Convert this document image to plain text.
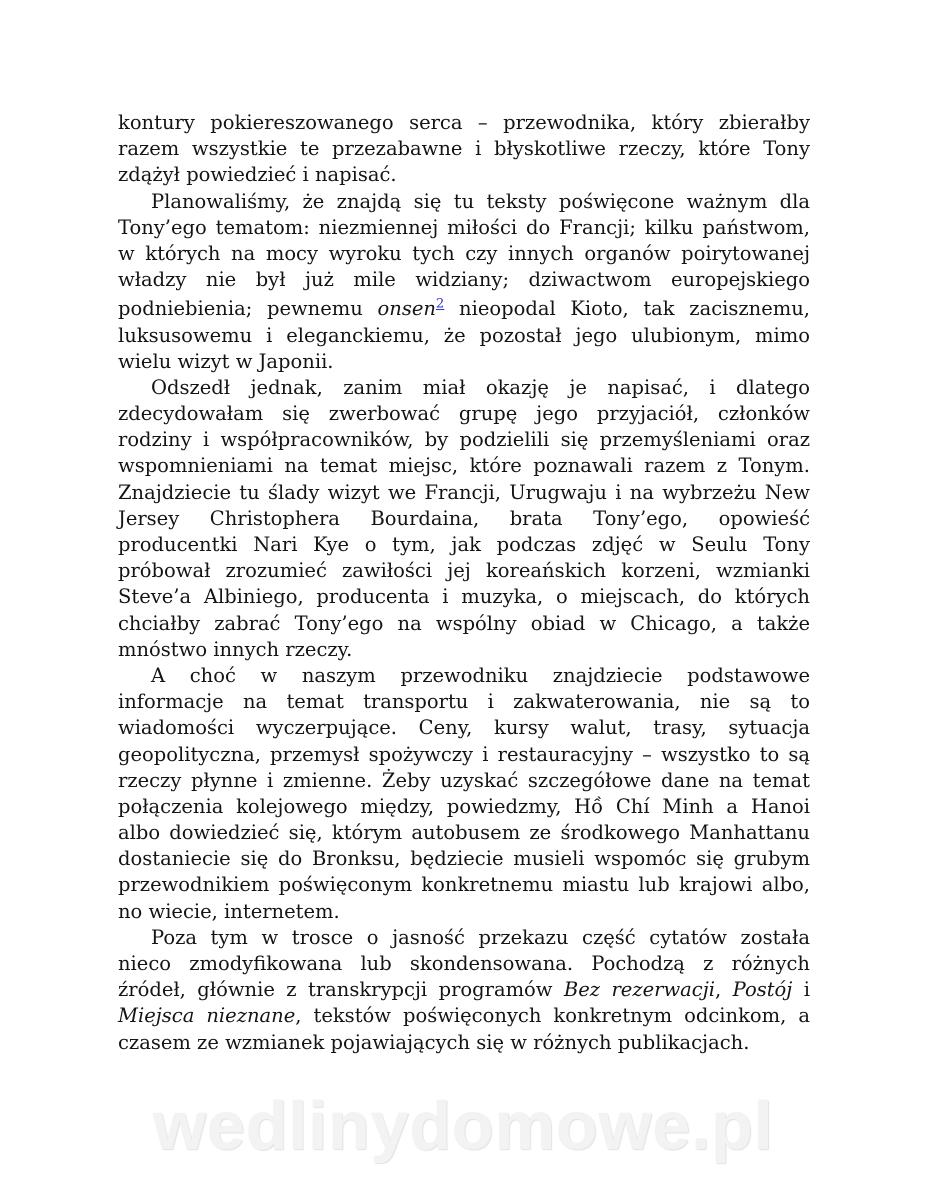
kontury pokiereszowanego serca – przewodnika, który zbierałby
razem wszystkie te przezabawne i błyskotliwe rzeczy, które Tony
zdążył powiedzieć i napisać.
Planowaliśmy, że znajdą się tu teksty poświęcone ważnym dla
Tony’ego tematom: niezmiennej miłości do Francji; kilku państwom,
w których na mocy wyroku tych czy innych organów poirytowanej
władzy nie był już mile widziany; dziwactwom europejskiego
podniebienia; pewnemu onsen$^2$ nieopodal Kioto, tak zacisznemu,
luksusowemu i eleganckiemu, że pozostał jego ulubionym, mimo
wielu wizyt w Japonii.
Odszedł jednak, zanim miał okazję je napisać, i dlatego
zdecydowałam się zwerbować grupę jego przyjaciół, członków
rodziny i współpracowników, by podzielili się przemyśleniami oraz
wspomnieniami na temat miejsc, które poznawali razem z Tonym.
Znajdziecie tu ślady wizyt we Francji, Urugwaju i na wybrzeżu New
Jersey Christophera Bourdaina, brata Tony’ego, opowieść
producentki Nari Kye o tym, jak podczas zdjęć w Seulu Tony
próbował zrozumieć zawiłości jej koreańskich korzeni, wzmianki
Steve’a Albiniego, producenta i muzyka, o miejscach, do których
chciałby zabrać Tony’ego na wspólny obiad w Chicago, a także
mnóstwo innych rzeczy.
A choć w naszym przewodniku znajdziecie podstawowe
informacje na temat transportu i zakwaterowania, nie są to
wiadomości wyczerpujące. Ceny, kursy walut, trasy, sytuacja
geopolityczna, przemysł spożywczy i restauracyjny – wszystko to są
rzeczy płynne i zmienne. Żeby uzyskać szczegółowe dane na temat
połączenia kolejowego między, powiedzmy, Hồ Chí Minh a Hanoi
albo dowiedzieć się, którym autobusem ze środkowego Manhattanu
dostaniecie się do Bronksu, będziecie musieli wspomóc się grubym
przewodnikiem poświęconym konkretnemu miastu lub krajowi albo,
no wiecie, internetem.
Poza tym w trosce o jasność przekazu część cytatów została
nieco zmodyfikowana lub skondensowana. Pochodzą z różnych
źródeł, głównie z transkrypcji programów Bez rezerwacji, Postój i
Miejsca nieznane, tekstów poświęconych konkretnym odcinkom, a
czasem ze wzmianek pojawiających się w różnych publikacjach.
wedlinydomowe.pl
